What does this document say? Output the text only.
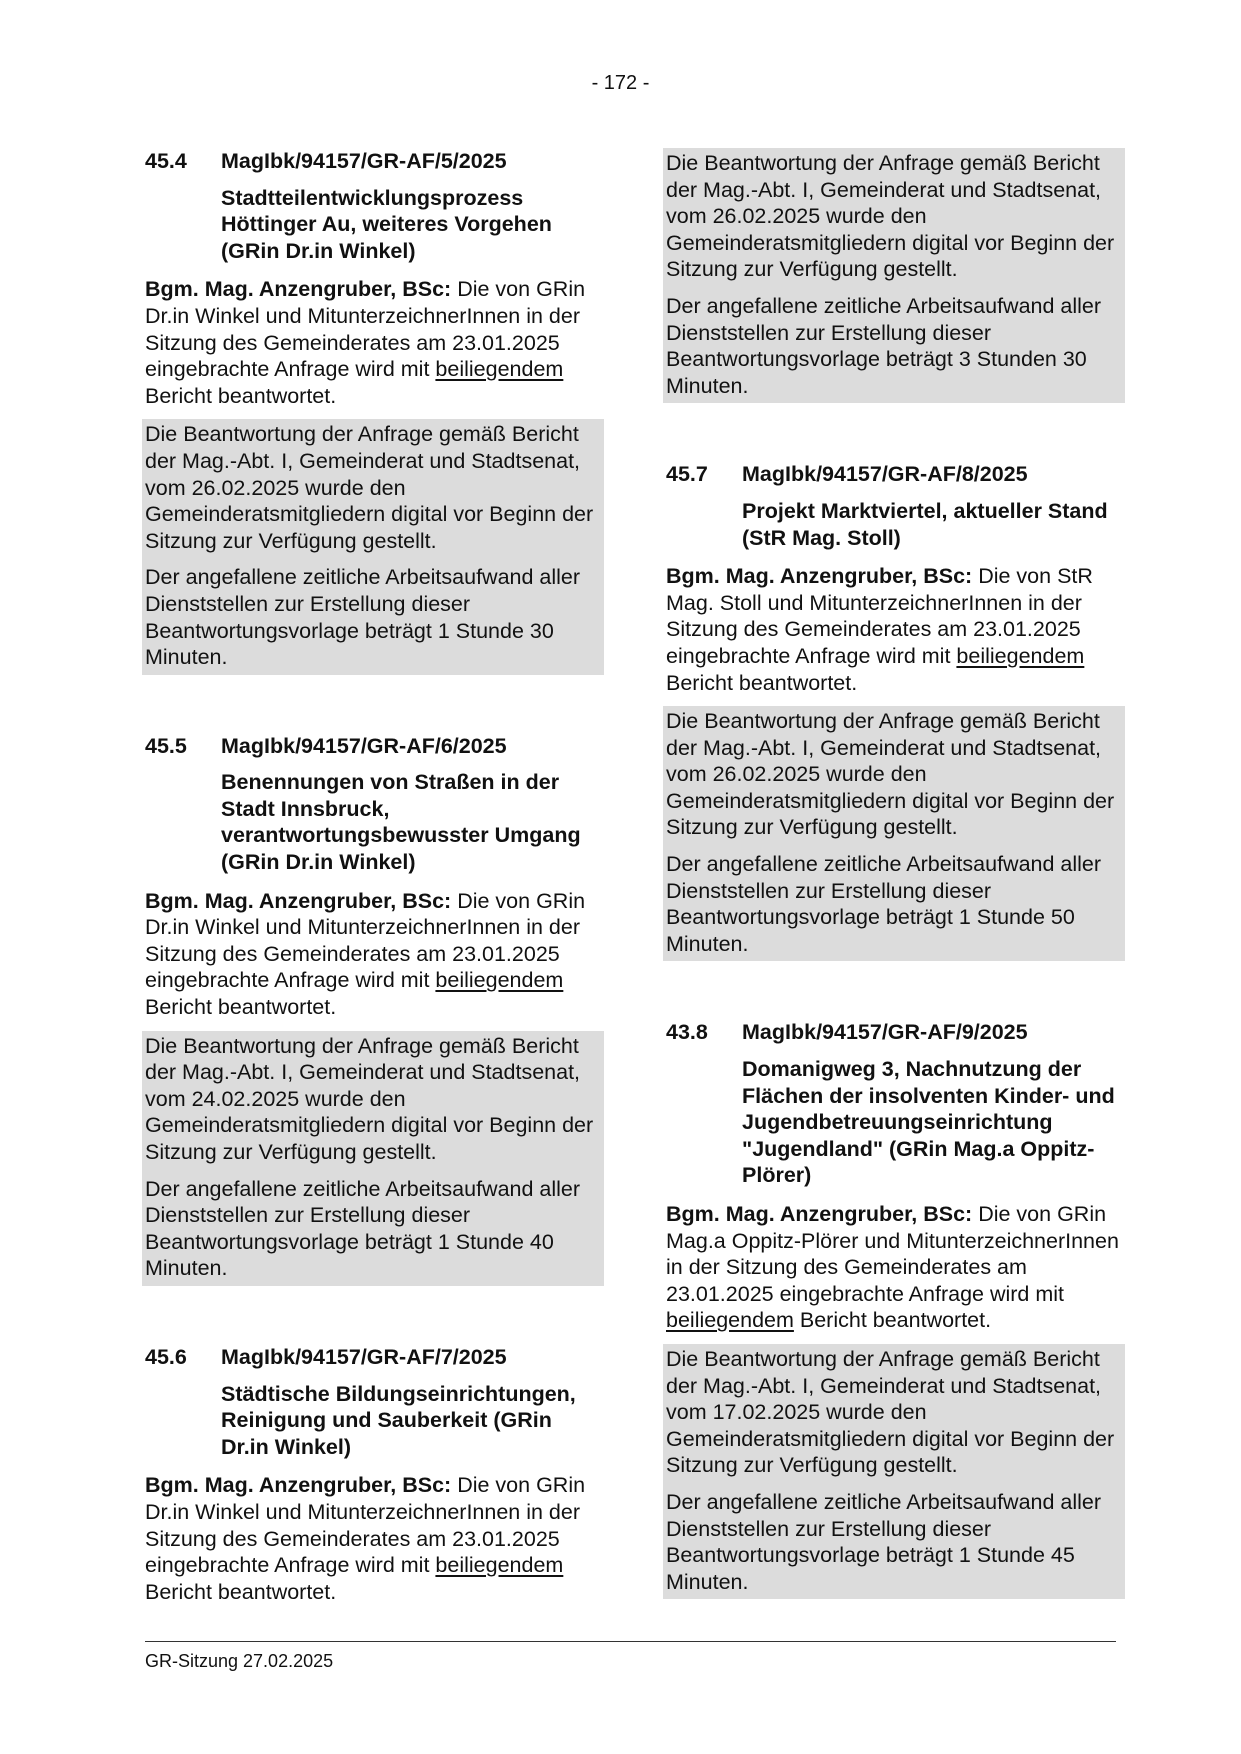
- 172 -
45.4	MagIbk/94157/GR-AF/5/2025
Stadtteilentwicklungsprozess Höttinger Au, weiteres Vorgehen (GRin Dr.in Winkel)
Bgm. Mag. Anzengruber, BSc: Die von GRin Dr.in Winkel und MitunterzeichnerInnen in der Sitzung des Gemeinderates am 23.01.2025 eingebrachte Anfrage wird mit beiliegendem Bericht beantwortet.

Die Beantwortung der Anfrage gemäß Bericht der Mag.-Abt. I, Gemeinderat und Stadtsenat, vom 26.02.2025 wurde den Gemeinderatsmitgliedern digital vor Beginn der Sitzung zur Verfügung gestellt.

Der angefallene zeitliche Arbeitsaufwand aller Dienststellen zur Erstellung dieser Beantwortungsvorlage beträgt 1 Stunde 30 Minuten.

45.5	MagIbk/94157/GR-AF/6/2025
Benennungen von Straßen in der Stadt Innsbruck, verantwortungsbewusster Umgang (GRin Dr.in Winkel)
Bgm. Mag. Anzengruber, BSc: Die von GRin Dr.in Winkel und MitunterzeichnerInnen in der Sitzung des Gemeinderates am 23.01.2025 eingebrachte Anfrage wird mit beiliegendem Bericht beantwortet.

Die Beantwortung der Anfrage gemäß Bericht der Mag.-Abt. I, Gemeinderat und Stadtsenat, vom 24.02.2025 wurde den Gemeinderatsmitgliedern digital vor Beginn der Sitzung zur Verfügung gestellt.

Der angefallene zeitliche Arbeitsaufwand aller Dienststellen zur Erstellung dieser Beantwortungsvorlage beträgt 1 Stunde 40 Minuten.

45.6	MagIbk/94157/GR-AF/7/2025
Städtische Bildungseinrichtungen, Reinigung und Sauberkeit (GRin Dr.in Winkel)
Bgm. Mag. Anzengruber, BSc: Die von GRin Dr.in Winkel und MitunterzeichnerInnen in der Sitzung des Gemeinderates am 23.01.2025 eingebrachte Anfrage wird mit beiliegendem Bericht beantwortet.

Die Beantwortung der Anfrage gemäß Bericht der Mag.-Abt. I, Gemeinderat und Stadtsenat, vom 26.02.2025 wurde den Gemeinderatsmitgliedern digital vor Beginn der Sitzung zur Verfügung gestellt.

Der angefallene zeitliche Arbeitsaufwand aller Dienststellen zur Erstellung dieser Beantwortungsvorlage beträgt 3 Stunden 30 Minuten.

45.7	MagIbk/94157/GR-AF/8/2025
Projekt Marktviertel, aktueller Stand (StR Mag. Stoll)
Bgm. Mag. Anzengruber, BSc: Die von StR Mag. Stoll und MitunterzeichnerInnen in der Sitzung des Gemeinderates am 23.01.2025 eingebrachte Anfrage wird mit beiliegendem Bericht beantwortet.

Die Beantwortung der Anfrage gemäß Bericht der Mag.-Abt. I, Gemeinderat und Stadtsenat, vom 26.02.2025 wurde den Gemeinderatsmitgliedern digital vor Beginn der Sitzung zur Verfügung gestellt.

Der angefallene zeitliche Arbeitsaufwand aller Dienststellen zur Erstellung dieser Beantwortungsvorlage beträgt 1 Stunde 50 Minuten.

43.8	MagIbk/94157/GR-AF/9/2025
Domanigweg 3, Nachnutzung der Flächen der insolventen Kinder- und Jugendbetreuungseinrichtung "Jugendland" (GRin Mag.a Oppitz-Plörer)
Bgm. Mag. Anzengruber, BSc: Die von GRin Mag.a Oppitz-Plörer und MitunterzeichnerInnen in der Sitzung des Gemeinderates am 23.01.2025 eingebrachte Anfrage wird mit beiliegendem Bericht beantwortet.

Die Beantwortung der Anfrage gemäß Bericht der Mag.-Abt. I, Gemeinderat und Stadtsenat, vom 17.02.2025 wurde den Gemeinderatsmitgliedern digital vor Beginn der Sitzung zur Verfügung gestellt.

Der angefallene zeitliche Arbeitsaufwand aller Dienststellen zur Erstellung dieser Beantwortungsvorlage beträgt 1 Stunde 45 Minuten.

GR-Sitzung 27.02.2025
